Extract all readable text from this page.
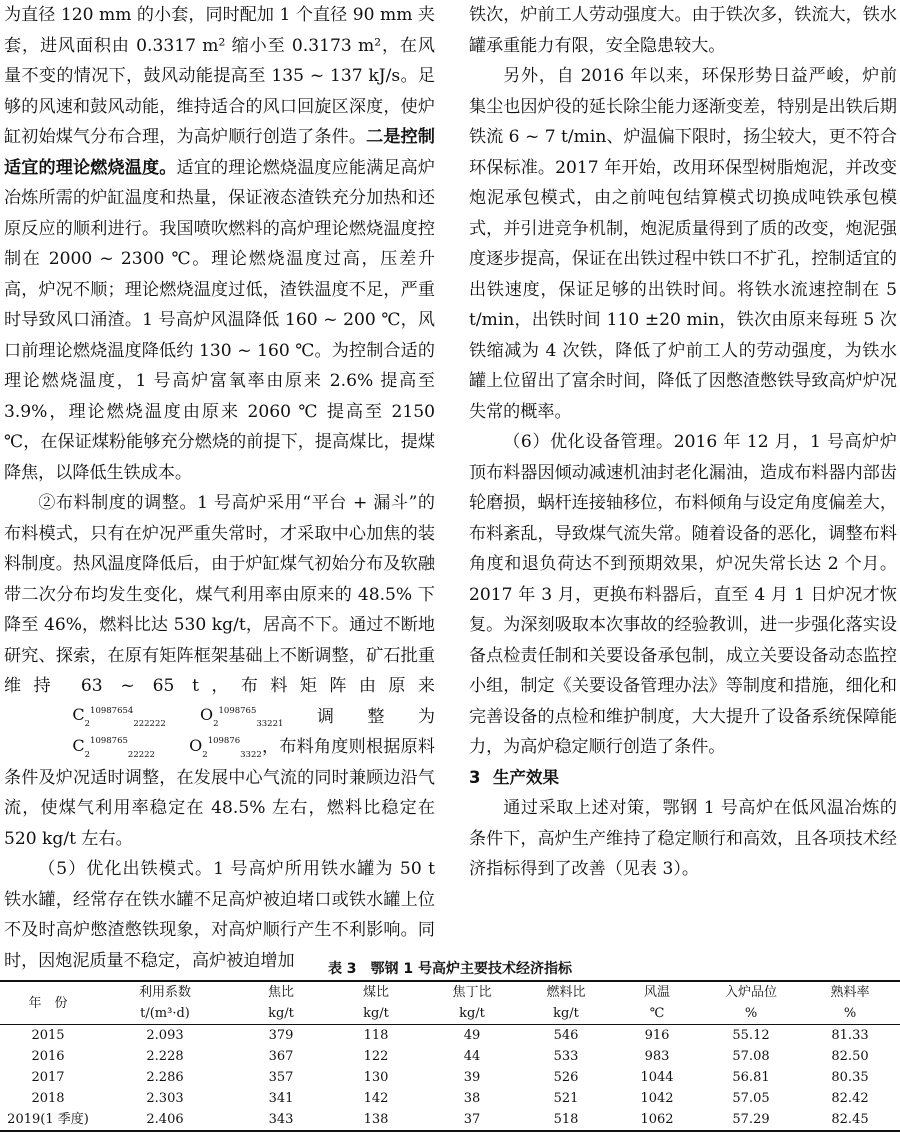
为直径 120 mm 的小套，同时配加 1 个直径 90 mm 夹套，进风面积由 0.3317 m² 缩小至 0.3173 m²，在风量不变的情况下，鼓风动能提高至 135 ~ 137 kJ/s。足够的风速和鼓风动能，维持适合的风口回旋区深度，使炉缸初始煤气分布合理，为高炉顺行创造了条件。二是控制适宜的理论燃烧温度。适宜的理论燃烧温度应能满足高炉冶炼所需的炉缸温度和热量，保证液态渣铁充分加热和还原反应的顺利进行。我国喷吹燃料的高炉理论燃烧温度控制在 2000 ~ 2300 ℃。理论燃烧温度过高，压差升高，炉况不顺；理论燃烧温度过低，渣铁温度不足，严重时导致风口涌渣。1 号高炉风温降低 160 ~ 200 ℃，风口前理论燃烧温度降低约 130 ~ 160 ℃。为控制合适的理论燃烧温度，1 号高炉富氧率由原来 2.6% 提高至 3.9%，理论燃烧温度由原来 2060 ℃ 提高至 2150 ℃，在保证煤粉能够充分燃烧的前提下，提高煤比，提煤降焦，以降低生铁成本。

②布料制度的调整。1 号高炉采用“平台 + 漏斗”的布料模式，只有在炉况严重失常时，才采取中心加焦的装料制度。热风温度降低后，由于炉缸煤气初始分布及软融带二次分布均发生变化，煤气利用率由原来的 48.5% 下降至 46%，燃料比达 530 kg/t，居高不下。通过不断地研究、探索，在原有矩阵框架基础上不断调整，矿石批重维持 63 ~ 65 t，布料矩阵由原来$C_2^{10987654}_{222222}O_2^{1098765}_{33221}$调整为$C_2^{1098765}_{22222}O_2^{109876}_{3322}$，布料角度则根据原料条件及炉况适时调整，在发展中心气流的同时兼顾边沿气流，使煤气利用率稳定在 48.5% 左右，燃料比稳定在 520 kg/t 左右。

（5）优化出铁模式。1 号高炉所用铁水罐为 50 t 铁水罐，经常存在铁水罐不足高炉被迫堵口或铁水罐上位不及时高炉憋渣憋铁现象，对高炉顺行产生不利影响。同时，因炮泥质量不稳定，高炉被迫增加

铁次，炉前工人劳动强度大。由于铁次多，铁流大，铁水罐承重能力有限，安全隐患较大。

另外，自 2016 年以来，环保形势日益严峻，炉前集尘也因炉役的延长除尘能力逐渐变差，特别是出铁后期铁流 6 ~ 7 t/min、炉温偏下限时，扬尘较大，更不符合环保标准。2017 年开始，改用环保型树脂炮泥，并改变炮泥承包模式，由之前吨包结算模式切换成吨铁承包模式，并引进竞争机制，炮泥质量得到了质的改变，炮泥强度逐步提高，保证在出铁过程中铁口不扩孔，控制适宜的出铁速度，保证足够的出铁时间。将铁水流速控制在 5 t/min，出铁时间 110 ±20 min，铁次由原来每班 5 次铁缩减为 4 次铁，降低了炉前工人的劳动强度，为铁水罐上位留出了富余时间，降低了因憋渣憋铁导致高炉炉况失常的概率。

（6）优化设备管理。2016 年 12 月，1 号高炉炉顶布料器因倾动减速机油封老化漏油，造成布料器内部齿轮磨损，蜗杆连接轴移位，布料倾角与设定角度偏差大，布料紊乱，导致煤气流失常。随着设备的恶化，调整布料角度和退负荷达不到预期效果，炉况失常长达 2 个月。2017 年 3 月，更换布料器后，直至 4 月 1 日炉况才恢复。为深刻吸取本次事故的经验教训，进一步强化落实设备点检责任制和关要设备承包制，成立关要设备动态监控小组，制定《关要设备管理办法》等制度和措施，细化和完善设备的点检和维护制度，大大提升了设备系统保障能力，为高炉稳定顺行创造了条件。

3 生产效果

通过采取上述对策，鄂钢 1 号高炉在低风温冶炼的条件下，高炉生产维持了稳定顺行和高效，且各项技术经济指标得到了改善（见表 3）。

表 3　鄂钢 1 号高炉主要技术经济指标
年　份	利用系数	焦比	煤比	焦丁比	燃料比	风温	入炉品位	熟料率
	t/(m³·d)	kg/t	kg/t	kg/t	kg/t	℃	%	%
2015	2.093	379	118	49	546	916	55.12	81.33
2016	2.228	367	122	44	533	983	57.08	82.50
2017	2.286	357	130	39	526	1044	56.81	80.35
2018	2.303	341	142	38	521	1042	57.05	82.42
2019(1 季度)	2.406	343	138	37	518	1062	57.29	82.45
